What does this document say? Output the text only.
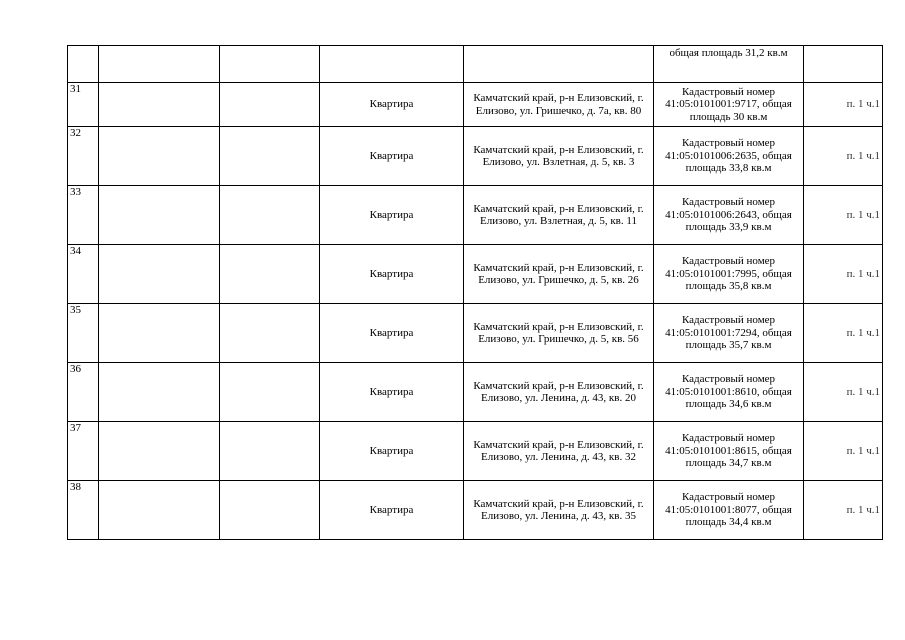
					общая площадь 31,2 кв.м	
31			Квартира	Камчатский край, р-н Елизовский, г. Елизово, ул. Гришечко, д. 7а, кв. 80	Кадастровый номер 41:05:0101001:9717, общая площадь 30 кв.м	п. 1 ч.1
32			Квартира	Камчатский край, р-н Елизовский, г. Елизово, ул. Взлетная, д. 5, кв. 3	Кадастровый номер 41:05:0101006:2635, общая площадь 33,8 кв.м	п. 1 ч.1
33			Квартира	Камчатский край, р-н Елизовский, г. Елизово, ул. Взлетная, д. 5, кв. 11	Кадастровый номер 41:05:0101006:2643, общая площадь 33,9 кв.м	п. 1 ч.1
34			Квартира	Камчатский край, р-н Елизовский, г. Елизово, ул. Гришечко, д. 5, кв. 26	Кадастровый номер 41:05:0101001:7995, общая площадь 35,8 кв.м	п. 1 ч.1
35			Квартира	Камчатский край, р-н Елизовский, г. Елизово, ул. Гришечко, д. 5, кв. 56	Кадастровый номер 41:05:0101001:7294, общая площадь 35,7 кв.м	п. 1 ч.1
36			Квартира	Камчатский край, р-н Елизовский, г. Елизово, ул. Ленина, д. 43, кв. 20	Кадастровый номер 41:05:0101001:8610, общая площадь 34,6 кв.м	п. 1 ч.1
37			Квартира	Камчатский край, р-н Елизовский, г. Елизово, ул. Ленина, д. 43, кв. 32	Кадастровый номер 41:05:0101001:8615, общая площадь 34,7 кв.м	п. 1 ч.1
38			Квартира	Камчатский край, р-н Елизовский, г. Елизово, ул. Ленина, д. 43, кв. 35	Кадастровый номер 41:05:0101001:8077, общая площадь 34,4 кв.м	п. 1 ч.1
